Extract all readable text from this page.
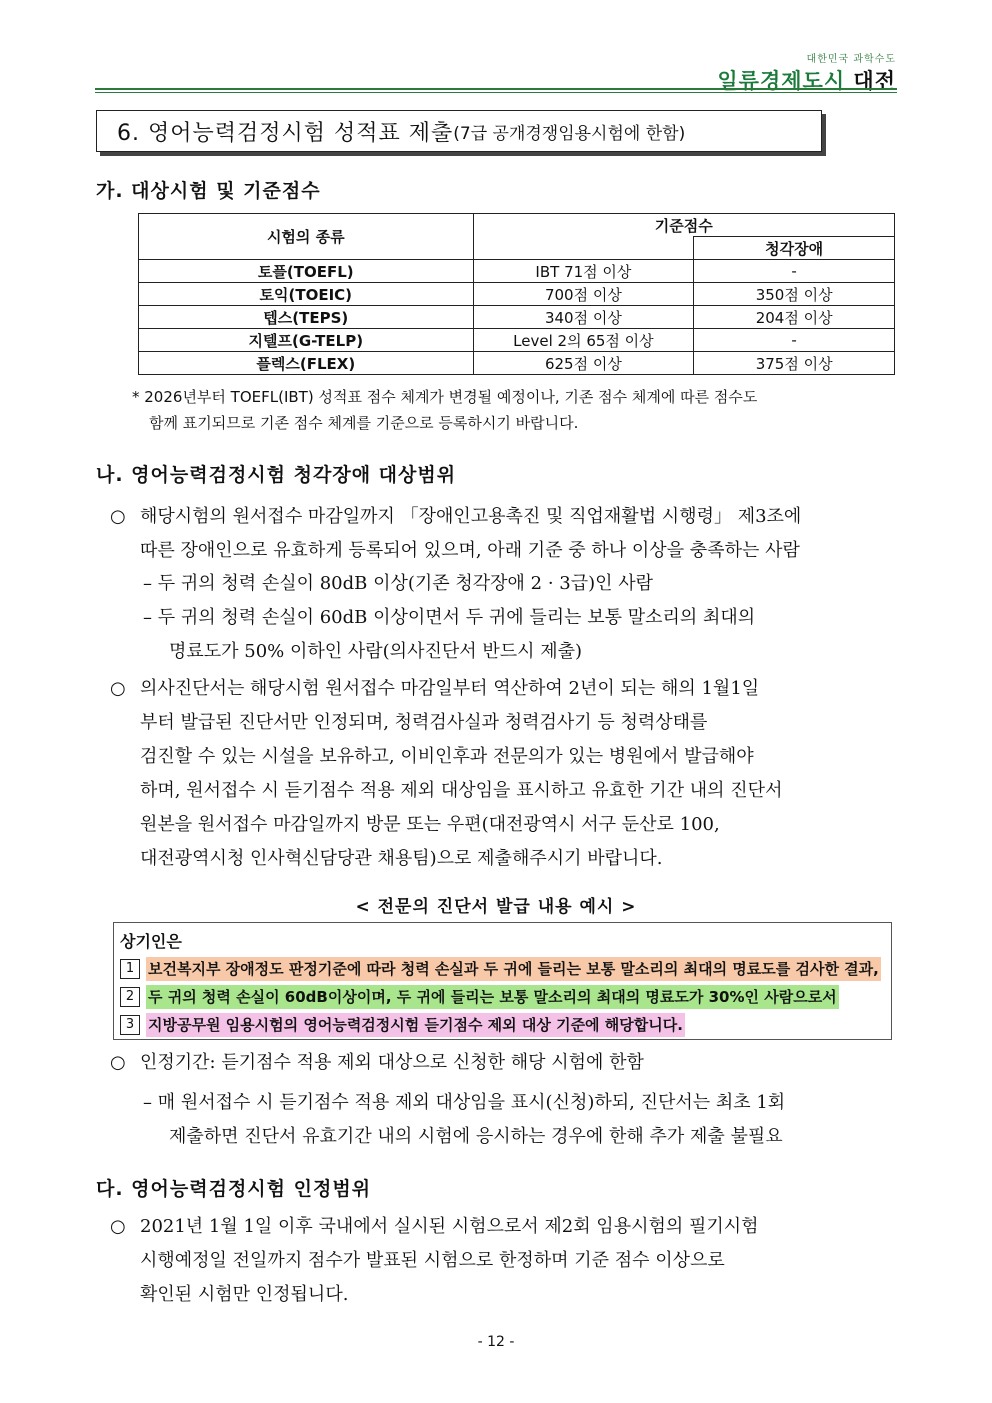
대한민국 과학수도
일류경제도시 대전
6. 영어능력검정시험 성적표 제출 (7급 공개경쟁임용시험에 한함)
가. 대상시험 및 기준점수
시험의 종류	기준점수	
		청각장애
토플(TOEFL)	IBT 71점 이상	-
토익(TOEIC)	700점 이상	350점 이상
텝스(TEPS)	340점 이상	204점 이상
지텔프(G-TELP)	Level 2의 65점 이상	-
플렉스(FLEX)	625점 이상	375점 이상
* 2026년부터 TOEFL(IBT) 성적표 점수 체계가 변경될 예정이나, 기존 점수 체계에 따른 점수도
함께 표기되므로 기존 점수 체계를 기준으로 등록하시기 바랍니다.
나. 영어능력검정시험 청각장애 대상범위
○ 해당시험의 원서접수 마감일까지 「장애인고용촉진 및 직업재활법 시행령」 제3조에
따른 장애인으로 유효하게 등록되어 있으며, 아래 기준 중 하나 이상을 충족하는 사람
– 두 귀의 청력 손실이 80dB 이상(기존 청각장애 2 · 3급)인 사람
– 두 귀의 청력 손실이 60dB 이상이면서 두 귀에 들리는 보통 말소리의 최대의
명료도가 50% 이하인 사람(의사진단서 반드시 제출)
○ 의사진단서는 해당시험 원서접수 마감일부터 역산하여 2년이 되는 해의 1월1일
부터 발급된 진단서만 인정되며, 청력검사실과 청력검사기 등 청력상태를
검진할 수 있는 시설을 보유하고, 이비인후과 전문의가 있는 병원에서 발급해야
하며, 원서접수 시 듣기점수 적용 제외 대상임을 표시하고 유효한 기간 내의 진단서
원본을 원서접수 마감일까지 방문 또는 우편(대전광역시 서구 둔산로 100,
대전광역시청 인사혁신담당관 채용팀)으로 제출해주시기 바랍니다.
< 전문의 진단서 발급 내용 예시 >
상기인은
1 보건복지부 장애정도 판정기준에 따라 청력 손실과 두 귀에 들리는 보통 말소리의 최대의 명료도를 검사한 결과,
2 두 귀의 청력 손실이 60dB이상이며, 두 귀에 들리는 보통 말소리의 최대의 명료도가 30%인 사람으로서
3 지방공무원 임용시험의 영어능력검정시험 듣기점수 제외 대상 기준에 해당합니다.
○ 인정기간: 듣기점수 적용 제외 대상으로 신청한 해당 시험에 한함
– 매 원서접수 시 듣기점수 적용 제외 대상임을 표시(신청)하되, 진단서는 최초 1회
제출하면 진단서 유효기간 내의 시험에 응시하는 경우에 한해 추가 제출 불필요
다. 영어능력검정시험 인정범위
○ 2021년 1월 1일 이후 국내에서 실시된 시험으로서 제2회 임용시험의 필기시험
시행예정일 전일까지 점수가 발표된 시험으로 한정하며 기준 점수 이상으로
확인된 시험만 인정됩니다.
- 12 -
